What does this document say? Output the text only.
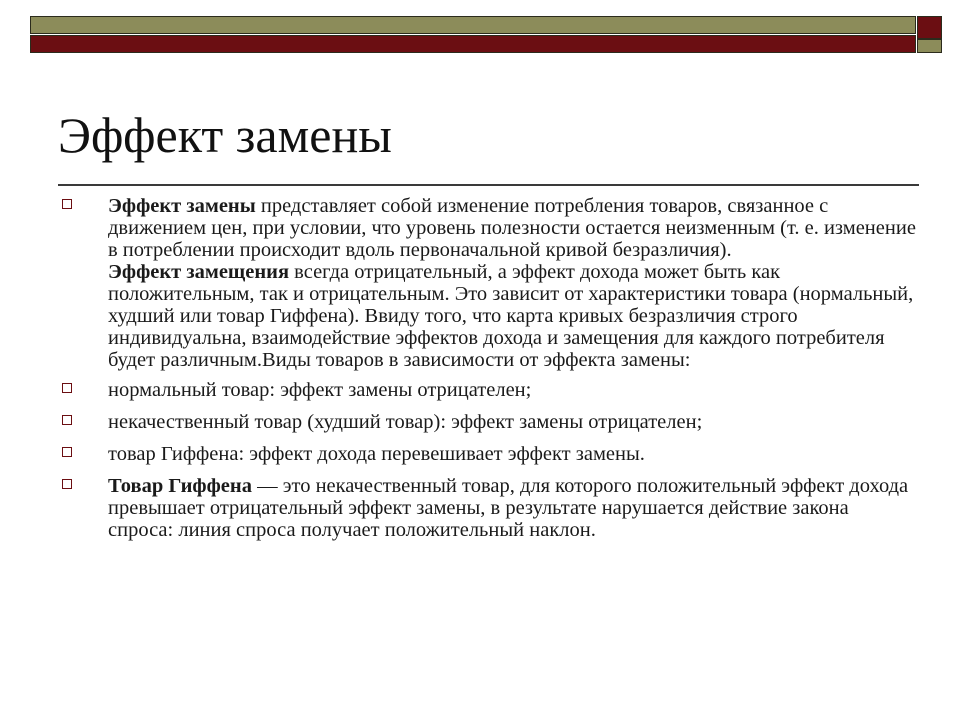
Эффект замены
Эффект замены представляет собой изменение потребления товаров, связанное с движением цен, при условии, что уровень полезности остается неизменным (т. е. изменение в потреблении происходит вдоль первоначальной кривой безразличия).
Эффект замещения всегда отрицательный, а эффект дохода может быть как положительным, так и отрицательным. Это зависит от характеристики товара (нормальный, худший или товар Гиффена). Ввиду того, что карта кривых безразличия строго индивидуальна, взаимодействие эффектов дохода и замещения для каждого потребителя будет различным.Виды товаров в зависимости от эффекта замены:
нормальный товар: эффект замены отрицателен;
некачественный товар (худший товар): эффект замены отрицателен;
товар Гиффена: эффект дохода перевешивает эффект замены.
Товар Гиффена — это некачественный товар, для которого положительный эффект дохода превышает отрицательный эффект замены, в результате нарушается действие закона спроса: линия спроса получает положительный наклон.
